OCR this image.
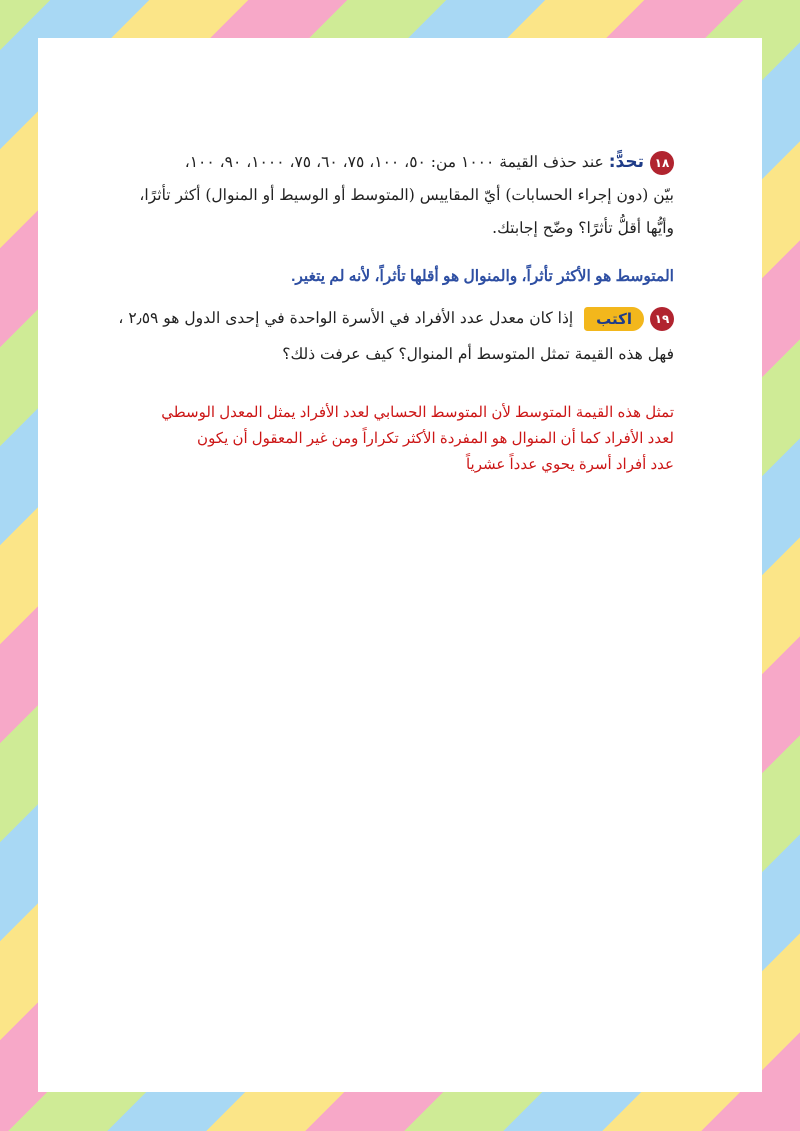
١٨تحدًّ: عند حذف القيمة ١٠٠٠ من: ٥٠، ١٠٠، ٧٥، ٦٠، ٧٥، ١٠٠٠، ٩٠، ١٠٠،
بيّن (دون إجراء الحسابات) أيّ المقاييس (المتوسط أو الوسيط أو المنوال) أكثر تأثرًا،
وأيُّها أقلُّ تأثرًا؟ وضّح إجابتك.
المتوسط هو الأكثر تأثراً، والمنوال هو أقلها تأثراً، لأنه لم يتغير.
١٩اكتب إذا كان معدل عدد الأفراد في الأسرة الواحدة في إحدى الدول هو ٢٫٥٩ ،
فهل هذه القيمة تمثل المتوسط أم المنوال؟ كيف عرفت ذلك؟
تمثل هذه القيمة المتوسط لأن المتوسط الحسابي لعدد الأفراد يمثل المعدل الوسطي
لعدد الأفراد كما أن المنوال هو المفردة الأكثر تكراراً ومن غير المعقول أن يكون
عدد أفراد أسرة يحوي عدداً عشرياً
